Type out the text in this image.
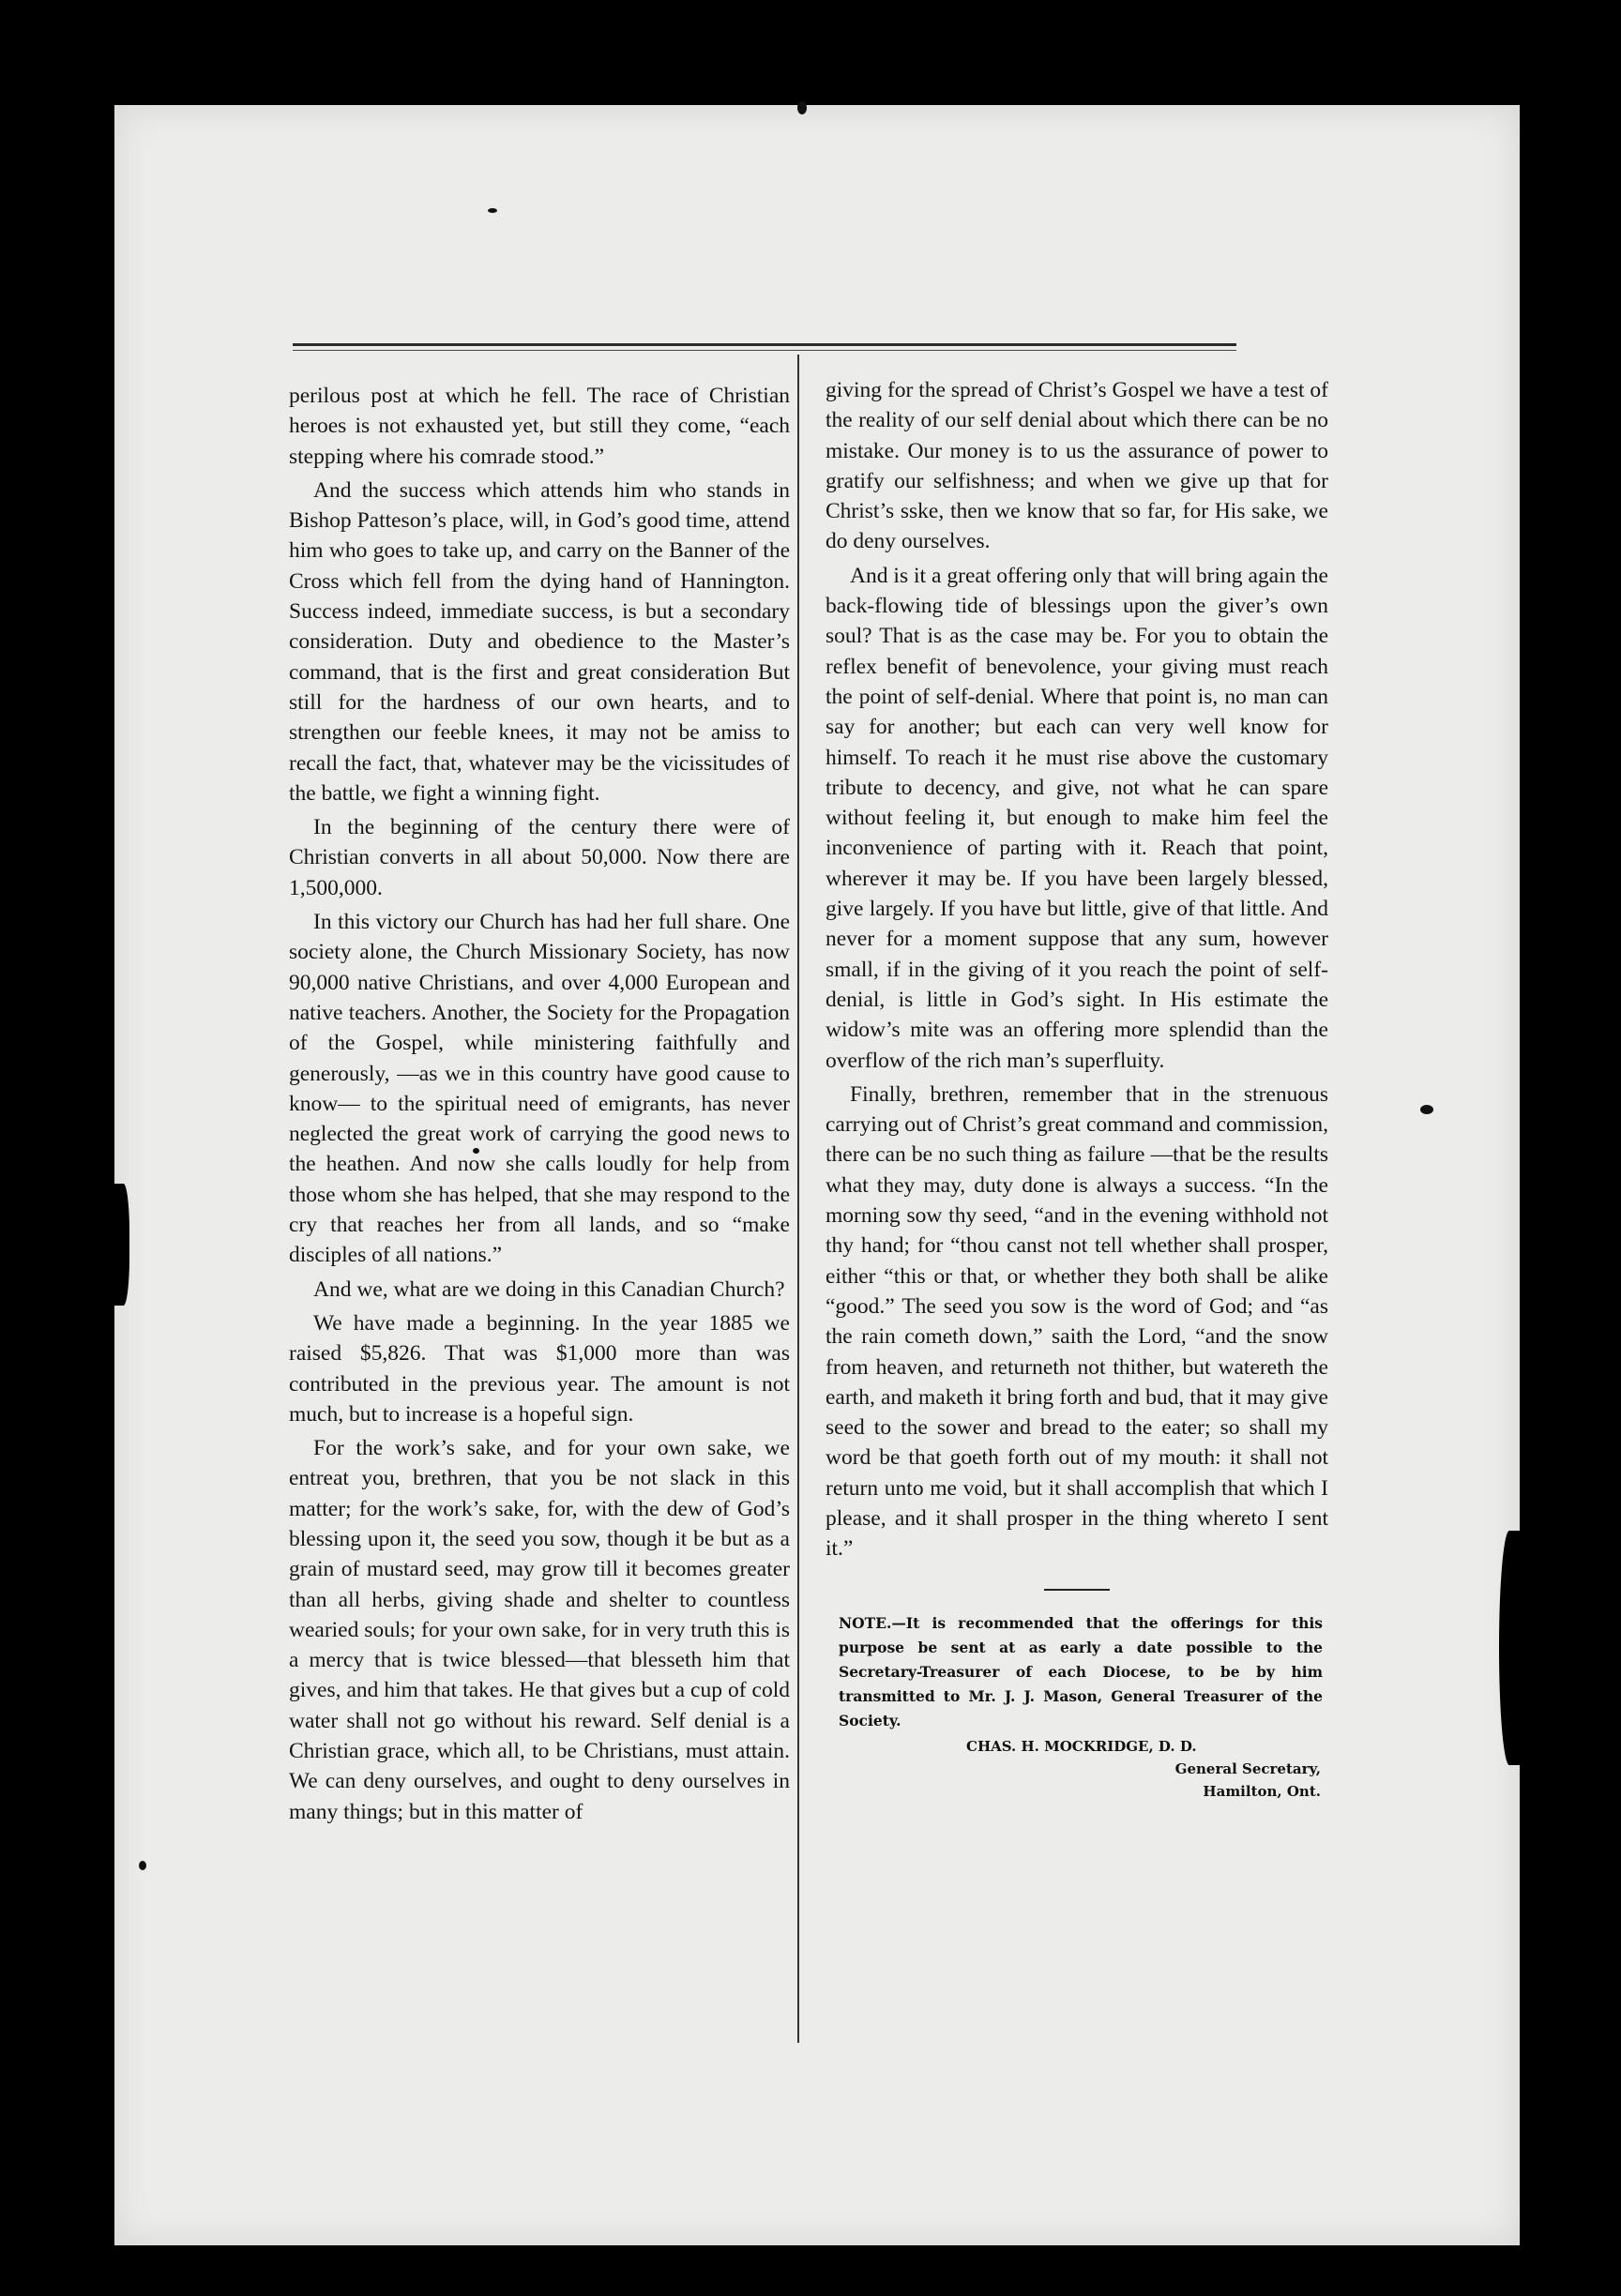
perilous post at which he fell. The race of Christian heroes is not exhausted yet, but still they come, “each stepping where his comrade stood.”

And the success which attends him who stands in Bishop Patteson’s place, will, in God’s good time, attend him who goes to take up, and carry on the Banner of the Cross which fell from the dying hand of Hannington. Success indeed, immediate success, is but a secondary consideration. Duty and obedience to the Master’s command, that is the first and great consideration But still for the hardness of our own hearts, and to strengthen our feeble knees, it may not be amiss to recall the fact, that, whatever may be the vicissitudes of the battle, we fight a winning fight.

In the beginning of the century there were of Christian converts in all about 50,000. Now there are 1,500,000.

In this victory our Church has had her full share. One society alone, the Church Missionary Society, has now 90,000 native Christians, and over 4,000 European and native teachers. Another, the Society for the Propagation of the Gospel, while ministering faithfully and generously, —as we in this country have good cause to know— to the spiritual need of emigrants, has never neglected the great work of carrying the good news to the heathen. And now she calls loudly for help from those whom she has helped, that she may respond to the cry that reaches her from all lands, and so “make disciples of all nations.”

And we, what are we doing in this Canadian Church?

We have made a beginning. In the year 1885 we raised $5,826. That was $1,000 more than was contributed in the previous year. The amount is not much, but to increase is a hopeful sign.

For the work’s sake, and for your own sake, we entreat you, brethren, that you be not slack in this matter; for the work’s sake, for, with the dew of God’s blessing upon it, the seed you sow, though it be but as a grain of mustard seed, may grow till it becomes greater than all herbs, giving shade and shelter to countless wearied souls; for your own sake, for in very truth this is a mercy that is twice blessed—that blesseth him that gives, and him that takes. He that gives but a cup of cold water shall not go without his reward. Self denial is a Christian grace, which all, to be Christians, must attain. We can deny ourselves, and ought to deny ourselves in many things; but in this matter of

giving for the spread of Christ’s Gospel we have a test of the reality of our self denial about which there can be no mistake. Our money is to us the assurance of power to gratify our selfishness; and when we give up that for Christ’s sske, then we know that so far, for His sake, we do deny ourselves.

And is it a great offering only that will bring again the back-flowing tide of blessings upon the giver’s own soul? That is as the case may be. For you to obtain the reflex benefit of benevolence, your giving must reach the point of self-denial. Where that point is, no man can say for another; but each can very well know for himself. To reach it he must rise above the customary tribute to decency, and give, not what he can spare without feeling it, but enough to make him feel the inconvenience of parting with it. Reach that point, wherever it may be. If you have been largely blessed, give largely. If you have but little, give of that little. And never for a moment suppose that any sum, however small, if in the giving of it you reach the point of self-denial, is little in God’s sight. In His estimate the widow’s mite was an offering more splendid than the overflow of the rich man’s superfluity.

Finally, brethren, remember that in the strenuous carrying out of Christ’s great command and commission, there can be no such thing as failure —that be the results what they may, duty done is always a success. “In the morning sow thy seed, “and in the evening withhold not thy hand; for “thou canst not tell whether shall prosper, either “this or that, or whether they both shall be alike “good.” The seed you sow is the word of God; and “as the rain cometh down,” saith the Lord, “and the snow from heaven, and returneth not thither, but watereth the earth, and maketh it bring forth and bud, that it may give seed to the sower and bread to the eater; so shall my word be that goeth forth out of my mouth: it shall not return unto me void, but it shall accomplish that which I please, and it shall prosper in the thing whereto I sent it.”

NOTE.—It is recommended that the offerings for this purpose be sent at as early a date possible to the Secretary-Treasurer of each Diocese, to be by him transmitted to Mr. J. J. Mason, General Treasurer of the Society.
CHAS. H. MOCKRIDGE, D. D.
General Secretary,
Hamilton, Ont.
